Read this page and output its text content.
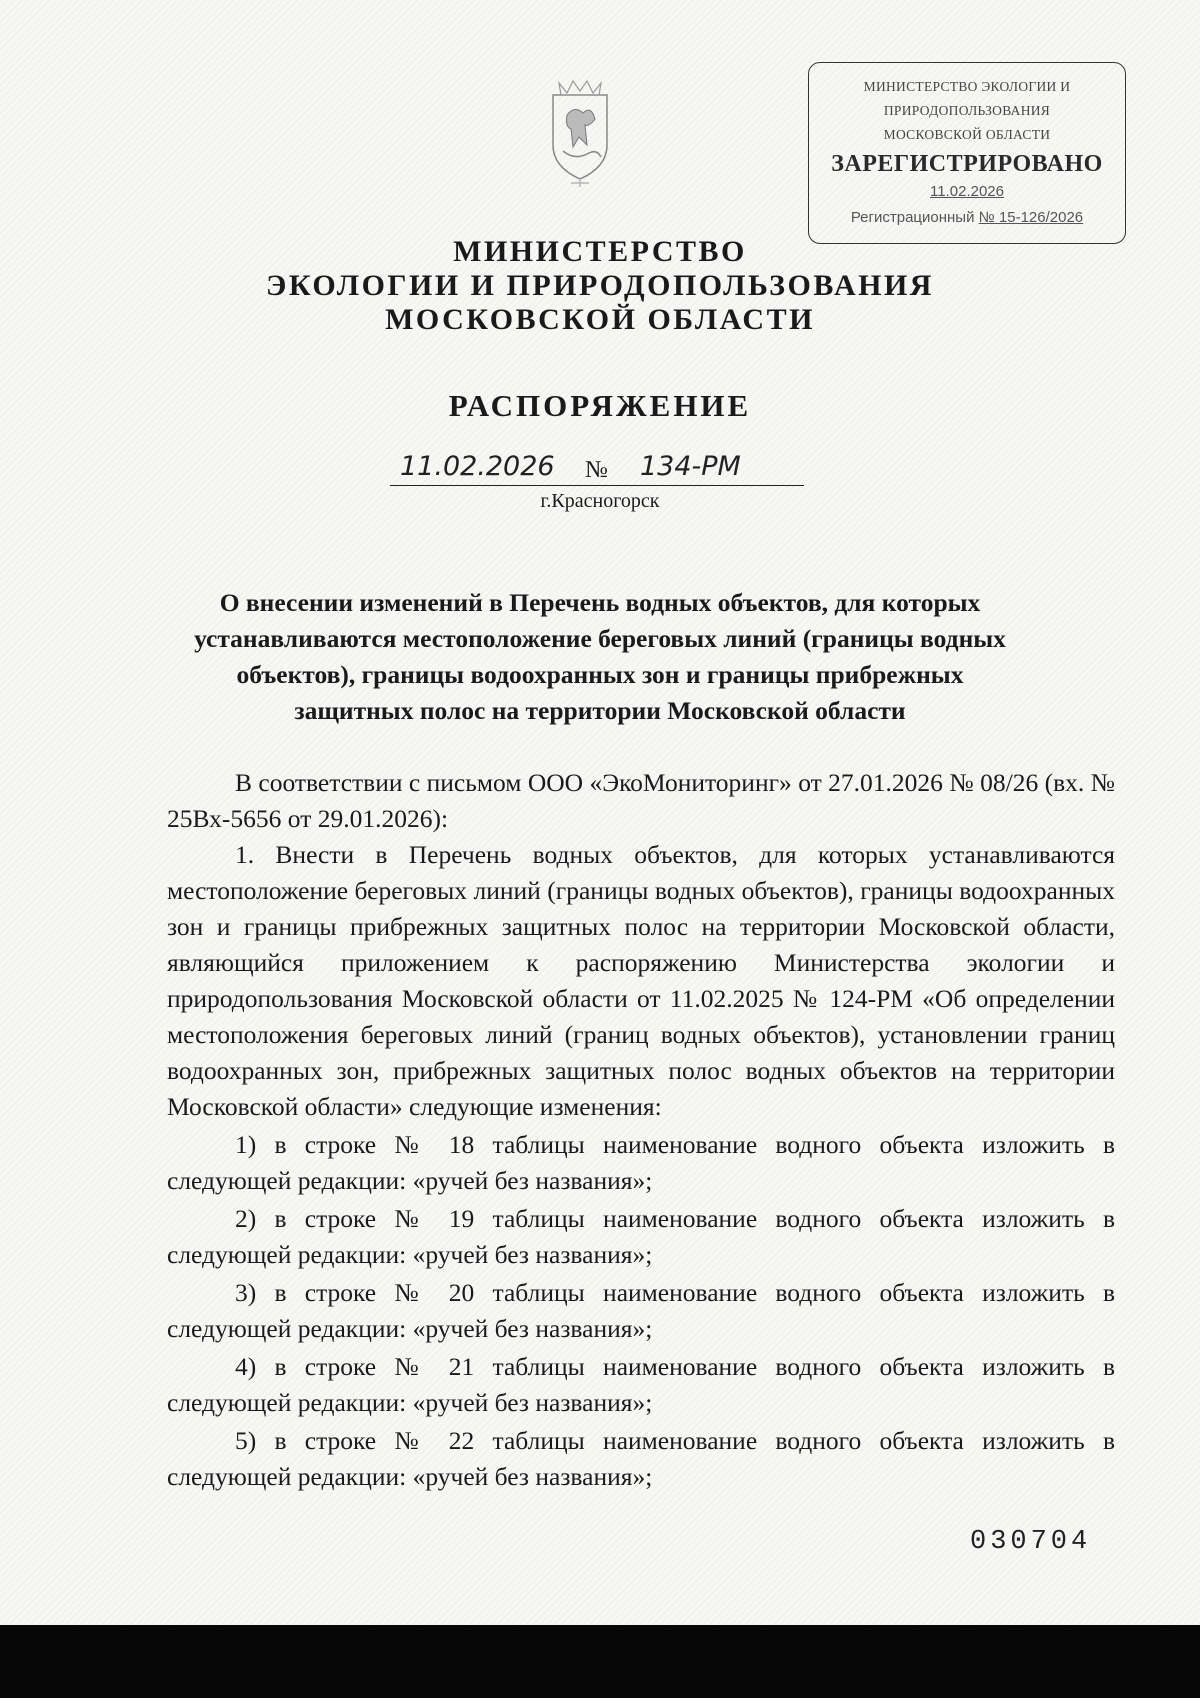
МИНИСТЕРСТВО ЭКОЛОГИИ И
ПРИРОДОПОЛЬЗОВАНИЯ
МОСКОВСКОЙ ОБЛАСТИ
ЗАРЕГИСТРИРОВАНО
11.02.2026
Регистрационный № 15-126/2026
МИНИСТЕРСТВО
ЭКОЛОГИИ И ПРИРОДОПОЛЬЗОВАНИЯ
МОСКОВСКОЙ ОБЛАСТИ
РАСПОРЯЖЕНИЕ
11.02.2026 № 134-РМ
г.Красногорск
О внесении изменений в Перечень водных объектов, для которых
устанавливаются местоположение береговых линий (границы водных
объектов), границы водоохранных зон и границы прибрежных
защитных полос на территории Московской области

В соответствии с письмом ООО «ЭкоМониторинг» от 27.01.2026 № 08/26 (вх. № 25Вх-5656 от 29.01.2026):

1. Внести в Перечень водных объектов, для которых устанавливаются местоположение береговых линий (границы водных объектов), границы водоохранных зон и границы прибрежных защитных полос на территории Московской области, являющийся приложением к распоряжению Министерства экологии и природопользования Московской области от 11.02.2025 № 124-РМ «Об определении местоположения береговых линий (границ водных объектов), установлении границ водоохранных зон, прибрежных защитных полос водных объектов на территории Московской области» следующие изменения:

1) в строке № 18 таблицы наименование водного объекта изложить в следующей редакции: «ручей без названия»;

2) в строке № 19 таблицы наименование водного объекта изложить в следующей редакции: «ручей без названия»;

3) в строке № 20 таблицы наименование водного объекта изложить в следующей редакции: «ручей без названия»;

4) в строке № 21 таблицы наименование водного объекта изложить в следующей редакции: «ручей без названия»;

5) в строке № 22 таблицы наименование водного объекта изложить в следующей редакции: «ручей без названия»;

030704
